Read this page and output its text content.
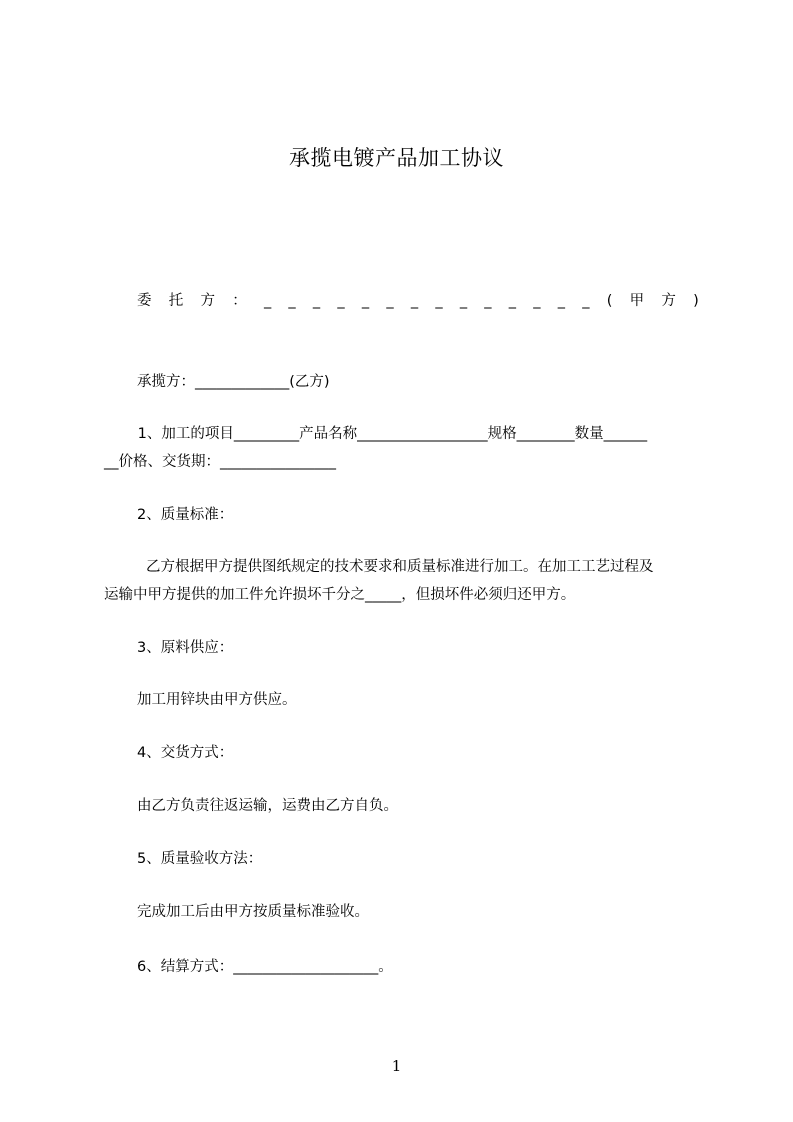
承揽电镀产品加工协议
委 托 方 ： _ _ _ _ _ _ _ _ _ _ _ _ _ _ ( 甲 方 )
承揽方：_____________(乙方)
1、加工的项目_________产品名称__________________规格________数量______
__价格、交货期：________________
2、质量标准：
乙方根据甲方提供图纸规定的技术要求和质量标准进行加工。在加工工艺过程及
运输中甲方提供的加工件允许损坏千分之_____，但损坏件必须归还甲方。
3、原料供应：
加工用锌块由甲方供应。
4、交货方式：
由乙方负责往返运输，运费由乙方自负。
5、质量验收方法：
完成加工后由甲方按质量标准验收。
6、结算方式：____________________。
1
